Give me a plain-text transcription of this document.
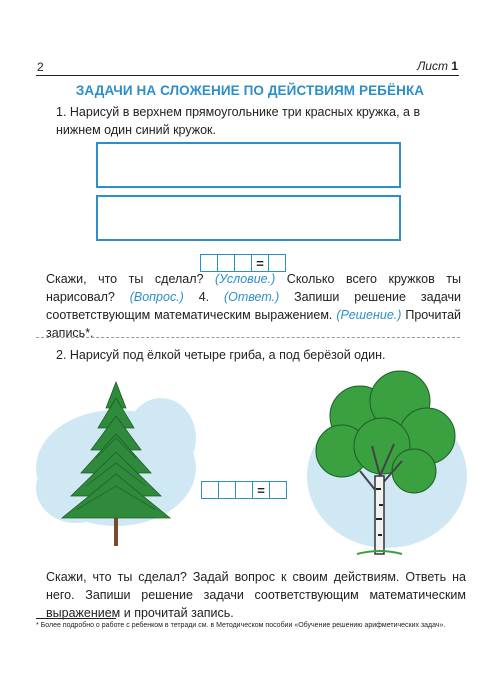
2	Лист 1
ЗАДАЧИ НА СЛОЖЕНИЕ ПО ДЕЙСТВИЯМ РЕБЁНКА
1. Нарисуй в верхнем прямоугольнике три красных кружка, а в нижнем один синий кружок.
=
Скажи, что ты сделал? (Условие.) Сколько всего кружков ты нарисовал? (Вопрос.) 4. (Ответ.) Запиши решение задачи соответствующим математическим выражением. (Решение.) Прочитай запись*.
2. Нарисуй под ёлкой четыре гриба, а под берёзой один.
=
Скажи, что ты сделал? Задай вопрос к своим действиям. Ответь на него. Запиши решение задачи соответствующим математическим выражением и прочитай запись.
* Более подробно о работе с ребенком в тетради см. в Методическом пособии «Обучение решению арифметических задач».
